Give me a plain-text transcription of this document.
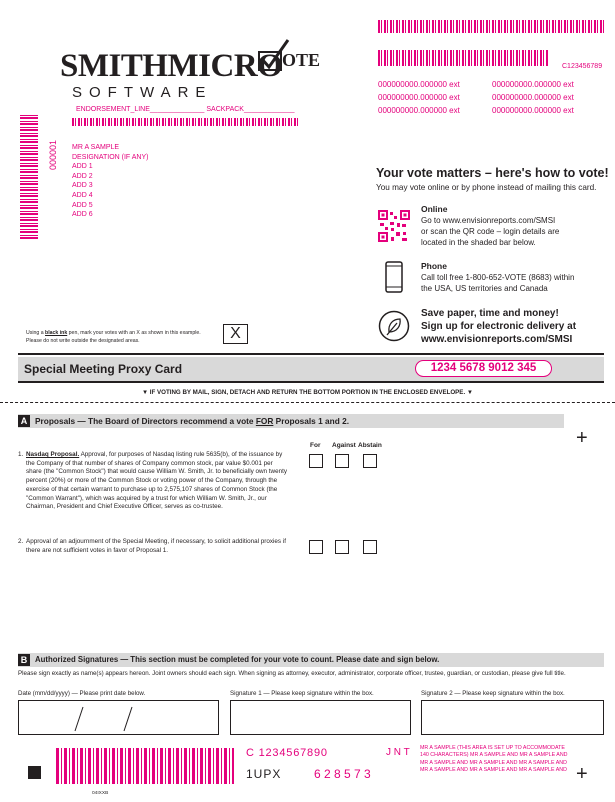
SMITHMICRO
SOFTWARE
OTE	C123456789
000000000.000000 ext	000000000.000000 ext
000000000.000000 ext	000000000.000000 ext
000000000.000000 ext	000000000.000000 ext
ENDORSEMENT_LINE______________ SACKPACK_____________
000001 MR A SAMPLE
DESIGNATION (IF ANY)
ADD 1
ADD 2
ADD 3
ADD 4
ADD 5
ADD 6
Your vote matters – here's how to vote!
You may vote online or by phone instead of mailing this card.
Online
Go to www.envisionreports.com/SMSI
or scan the QR code – login details are
located in the shaded bar below.
Phone
Call toll free 1-800-652-VOTE (8683) within
the USA, US territories and Canada
Save paper, time and money!
Sign up for electronic delivery at
www.envisionreports.com/SMSI
Using a black ink pen, mark your votes with an X as shown in this example.
Please do not write outside the designated areas.	X
Special Meeting Proxy Card	1234 5678 9012 345
▼ IF VOTING BY MAIL, SIGN, DETACH AND RETURN THE BOTTOM PORTION IN THE ENCLOSED ENVELOPE. ▼
A Proposals — The Board of Directors recommend a vote FOR Proposals 1 and 2.
+
For Against Abstain
1. Nasdaq Proposal. Approval, for purposes of Nasdaq listing rule 5635(b), of the issuance by the Company of that number of shares of Company common stock, par value $0.001 per share (the "Common Stock") that would cause William W. Smith, Jr. to beneficially own twenty percent (20%) or more of the Common Stock or voting power of the Company, through the exercise of that certain warrant to purchase up to 2,575,107 shares of Common Stock (the "Common Warrant"), which was acquired by a trust for which William W. Smith, Jr., our Chairman, President and Chief Executive Officer, serves as co-trustee.
2. Approval of an adjournment of the Special Meeting, if necessary, to solicit additional proxies if there are not sufficient votes in favor of Proposal 1.
B Authorized Signatures — This section must be completed for your vote to count. Please date and sign below.
Please sign exactly as name(s) appears hereon. Joint owners should each sign. When signing as attorney, executor, administrator, corporate officer, trustee, guardian, or custodian, please give full title.
Date (mm/dd/yyyy) — Please print date below.	Signature 1 — Please keep signature within the box.	Signature 2 — Please keep signature within the box.
C 1234567890	J N T
1UPX	6 2 8 5 7 3
MR A SAMPLE (THIS AREA IS SET UP TO ACCOMMODATE
140 CHARACTERS) MR A SAMPLE AND MR A SAMPLE AND
MR A SAMPLE AND MR A SAMPLE AND MR A SAMPLE AND
MR A SAMPLE AND MR A SAMPLE AND MR A SAMPLE AND +
04IXXB
